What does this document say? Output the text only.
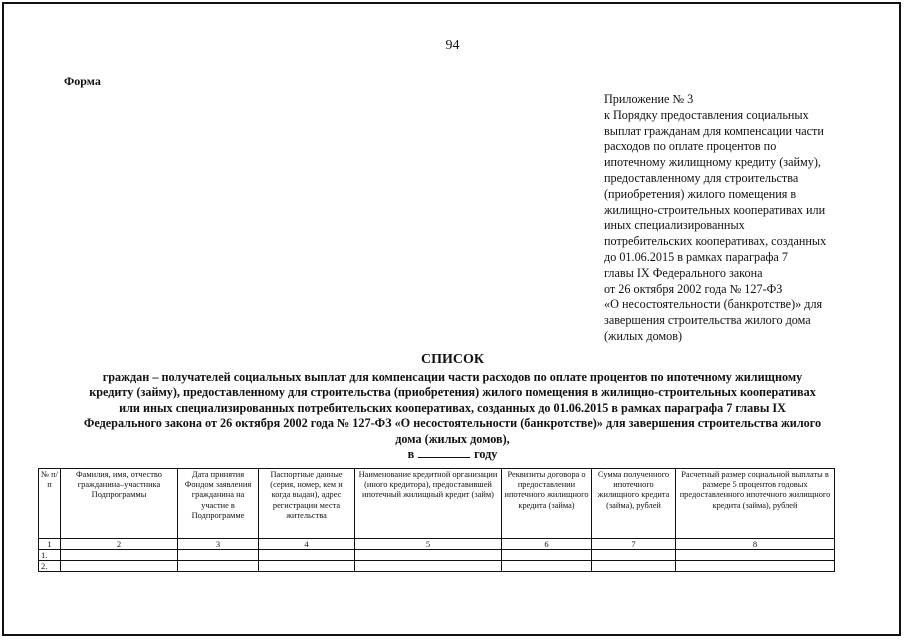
94
Форма
Приложение № 3
к Порядку предоставления социальных
выплат гражданам для компенсации части
расходов по оплате процентов по
ипотечному жилищному кредиту (займу),
предоставленному для строительства
(приобретения) жилого помещения в
жилищно-строительных кооперативах или
иных специализированных
потребительских кооперативах, созданных
до 01.06.2015 в рамках параграфа 7
главы IX Федерального закона
от 26 октября 2002 года № 127-ФЗ
«О несостоятельности (банкротстве)» для
завершения строительства жилого дома
(жилых домов)
СПИСОК
граждан – получателей социальных выплат для компенсации части расходов по оплате процентов по ипотечному жилищному
кредиту (займу), предоставленному для строительства (приобретения) жилого помещения в жилищно-строительных кооперативах
или иных специализированных потребительских кооперативах, созданных до 01.06.2015 в рамках параграфа 7 главы IX
Федерального закона от 26 октября 2002 года № 127-ФЗ «О несостоятельности (банкротстве)» для завершения строительства жилого
дома (жилых домов),
в	году
№ п/п	Фамилия, имя, отчество гражданина–участника Подпрограммы	Дата принятия Фондом заявления гражданина на участие в Подпрограмме	Паспортные данные (серия, номер, кем и когда выдан), адрес регистрации места жительства	Наименование кредитной организации (иного кредитора), предоставившей ипотечный жилищный кредит (займ)	Реквизиты договора о предоставлении ипотечного жилищного кредита (займа)	Сумма полученного ипотечного жилищного кредита (займа), рублей	Расчетный размер социальной выплаты в размере 5 процентов годовых предоставленного ипотечного жилищного кредита (займа), рублей
1	2	3	4	5	6	7	8
1.							
2.							
